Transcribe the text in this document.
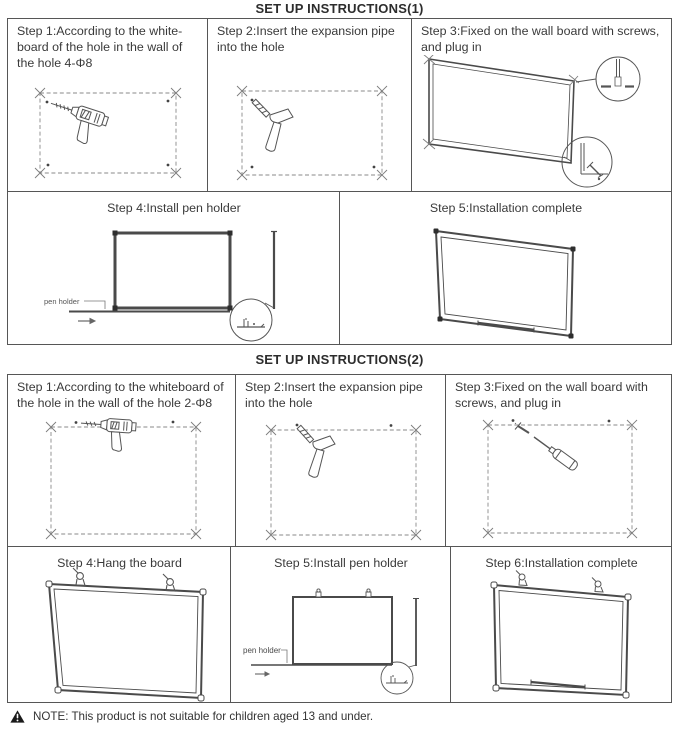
SET UP INSTRUCTIONS(1)
Step 1:According to the white-board of the hole in the wall of the hole 4-Φ8
Step 2:Insert the expansion pipe into the hole
Step 3:Fixed on the wall board with screws, and plug in
Step 4:Install pen holder
pen holder
Step 5:Installation complete
SET UP INSTRUCTIONS(2)
Step 1:According to the whiteboard of the hole in the wall of the hole 2-Φ8
Step 2:Insert the expansion pipe into the hole
Step 3:Fixed on the wall board with screws, and plug in
Step 4:Hang the board	Step 5:Install pen holder
pen holder
Step 6:Installation complete
NOTE: This product is not suitable for children aged 13 and under.
